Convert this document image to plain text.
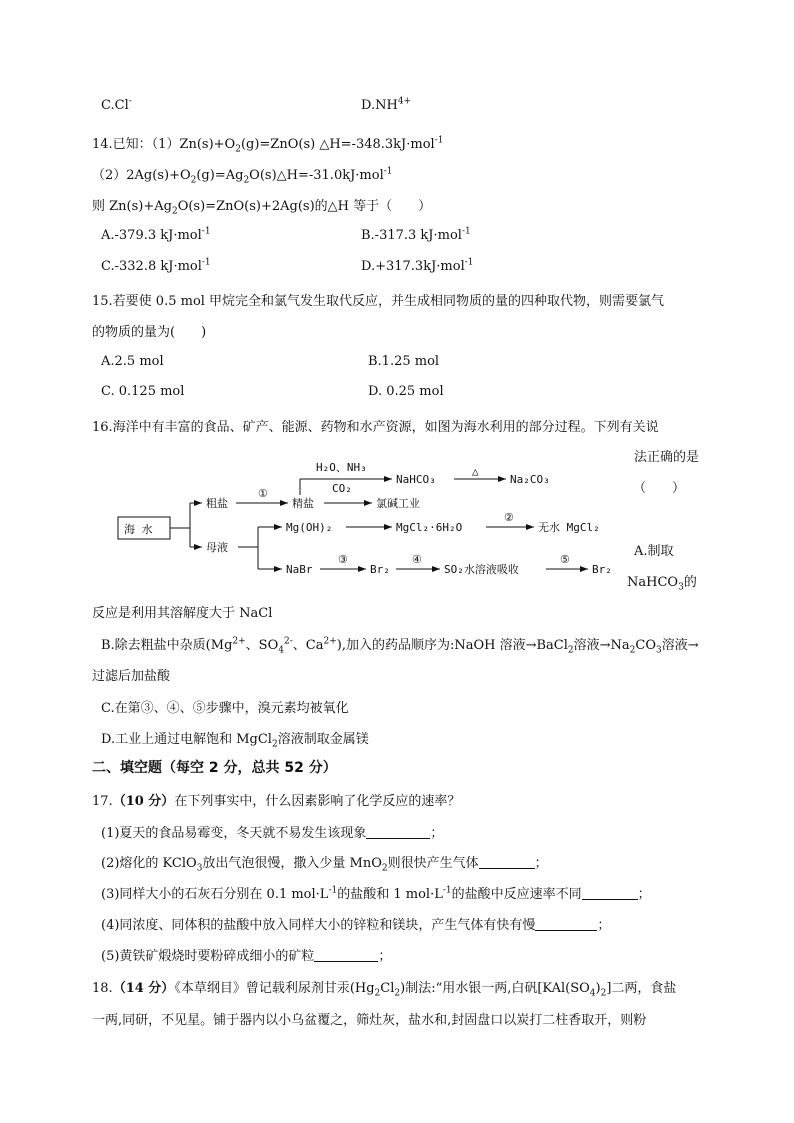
C.Cl-	$D.NH^{4+}$
14.已知：$(1)Zn(s)+O_2(g)=ZnO(s)$ △H=-348.3kJ·mol$^{-1}$
$(2)2Ag(s)+O_2(g)=Ag_2O(s)\triangle H=-31.0kJ\cdot mol^{-1}$
则 $Zn(s)+Ag_2O(s)=ZnO(s)+2Ag(s)$的△H 等于（　　）
A.-379.3 kJ·mol$^{-1}$	B.-317.3 kJ·mol$^{-1}$
C.-332.8 kJ·mol$^{-1}$	D.+317.3kJ·mol$^{-1}$
15.若要使 0.5 mol 甲烷完全和氯气发生取代反应，并生成相同物质的量的四种取代物，则需要氯气
的物质的量为(　　)
A.2.5 mol	B.1.25 mol
C. 0.125 mol	D. 0.25 mol
16.海洋中有丰富的食品、矿产、能源、药物和水产资源，如图为海水利用的部分过程。下列有关说
法正确的是
（　　）
海 水
粗盐
①
精盐
H₂O、NH₃
CO₂
NaHCO₃
△
Na₂CO₃
氯碱工业
母液
Mg(OH)₂	MgCl₂·6H₂O
②
无水 MgCl₂
NaBr
③
Br₂
④
SO₂水溶液吸收
⑤
Br₂
A.制取
NaHCO$_3$的
反应是利用其溶解度大于 NaCl
B.除去粗盐中杂质($Mg^{2+}$、$SO_4^{2-}$、$Ca^{2+}$),加入的药品顺序为:NaOH 溶液→BaCl$_2$溶液$\to Na_2CO_3$溶液→
过滤后加盐酸
C.在第③、④、⑤步骤中，溴元素均被氧化
D.工业上通过电解饱和 MgCl$_2$溶液制取金属镁
二、填空题（每空 2 分，总共 52 分）
17.（10 分）在下列事实中，什么因素影响了化学反应的速率？
(1)夏天的食品易霉变，冬天就不易发生该现象	；
(2)熔化的 KClO$_3$放出气泡很慢，撒入少量 MnO$_2$则很快产生气体	；
(3)同样大小的石灰石分别在 0.1 $mol\cdot L^{-1}$的盐酸和 1 $mol\cdot L^{-1}$的盐酸中反应速率不同	；
(4)同浓度、同体积的盐酸中放入同样大小的锌粒和镁块，产生气体有快有慢	；
(5)黄铁矿煅烧时要粉碎成细小的矿粒	；
18.（14 分）《本草纲目》曾记载利尿剂甘汞$(Hg_2Cl_2)$制法:“用水银一两,白矾$[KAl(SO_4)_2]$二两，食盐
一两,同研，不见星。铺于器内以小乌盆覆之，筛灶灰，盐水和,封固盘口以炭打二柱香取开，则粉
